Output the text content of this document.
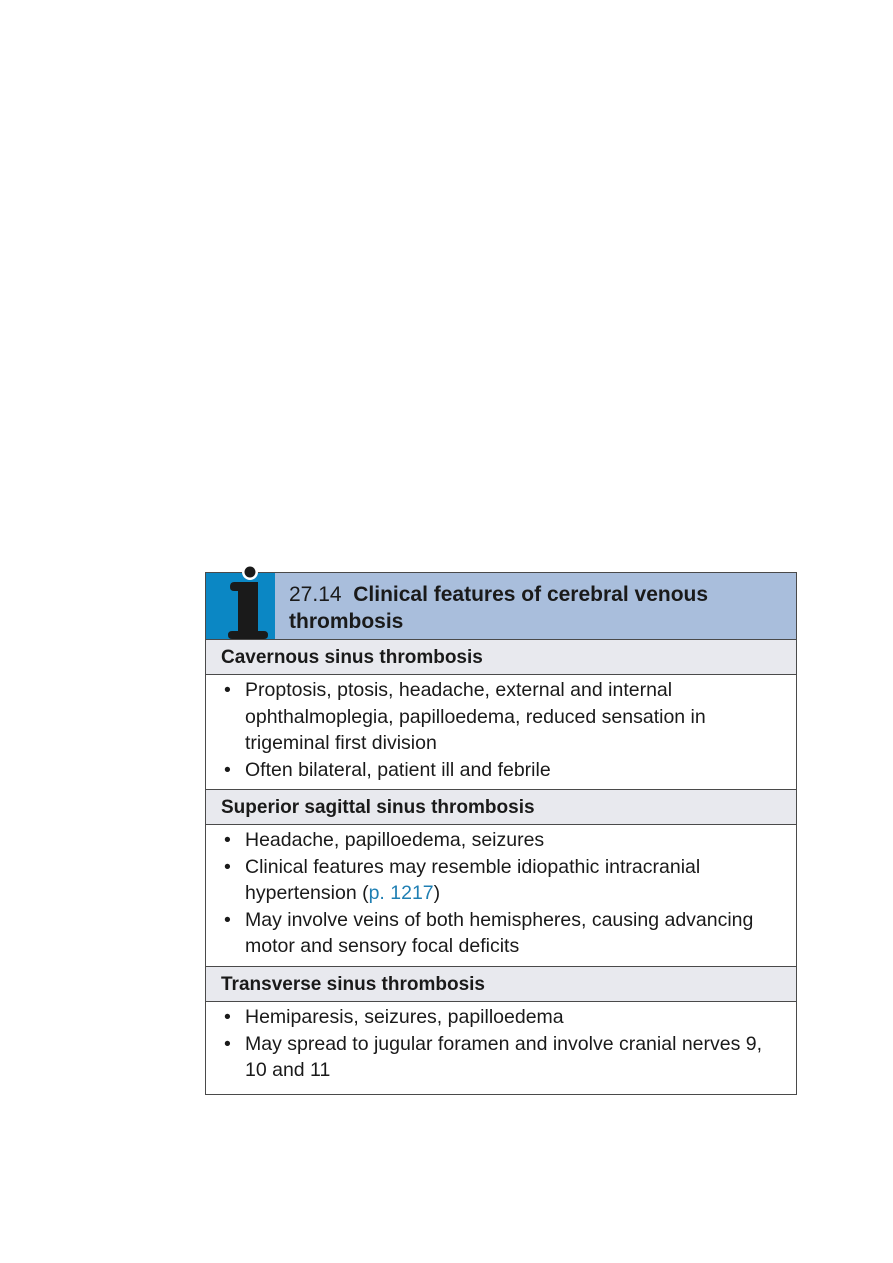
27.14 Clinical features of cerebral venous thrombosis
Cavernous sinus thrombosis
• Proptosis, ptosis, headache, external and internal ophthalmoplegia, papilloedema, reduced sensation in trigeminal first division
• Often bilateral, patient ill and febrile
Superior sagittal sinus thrombosis
• Headache, papilloedema, seizures
• Clinical features may resemble idiopathic intracranial hypertension (p. 1217)
• May involve veins of both hemispheres, causing advancing motor and sensory focal deficits
Transverse sinus thrombosis
• Hemiparesis, seizures, papilloedema
• May spread to jugular foramen and involve cranial nerves 9, 10 and 11
